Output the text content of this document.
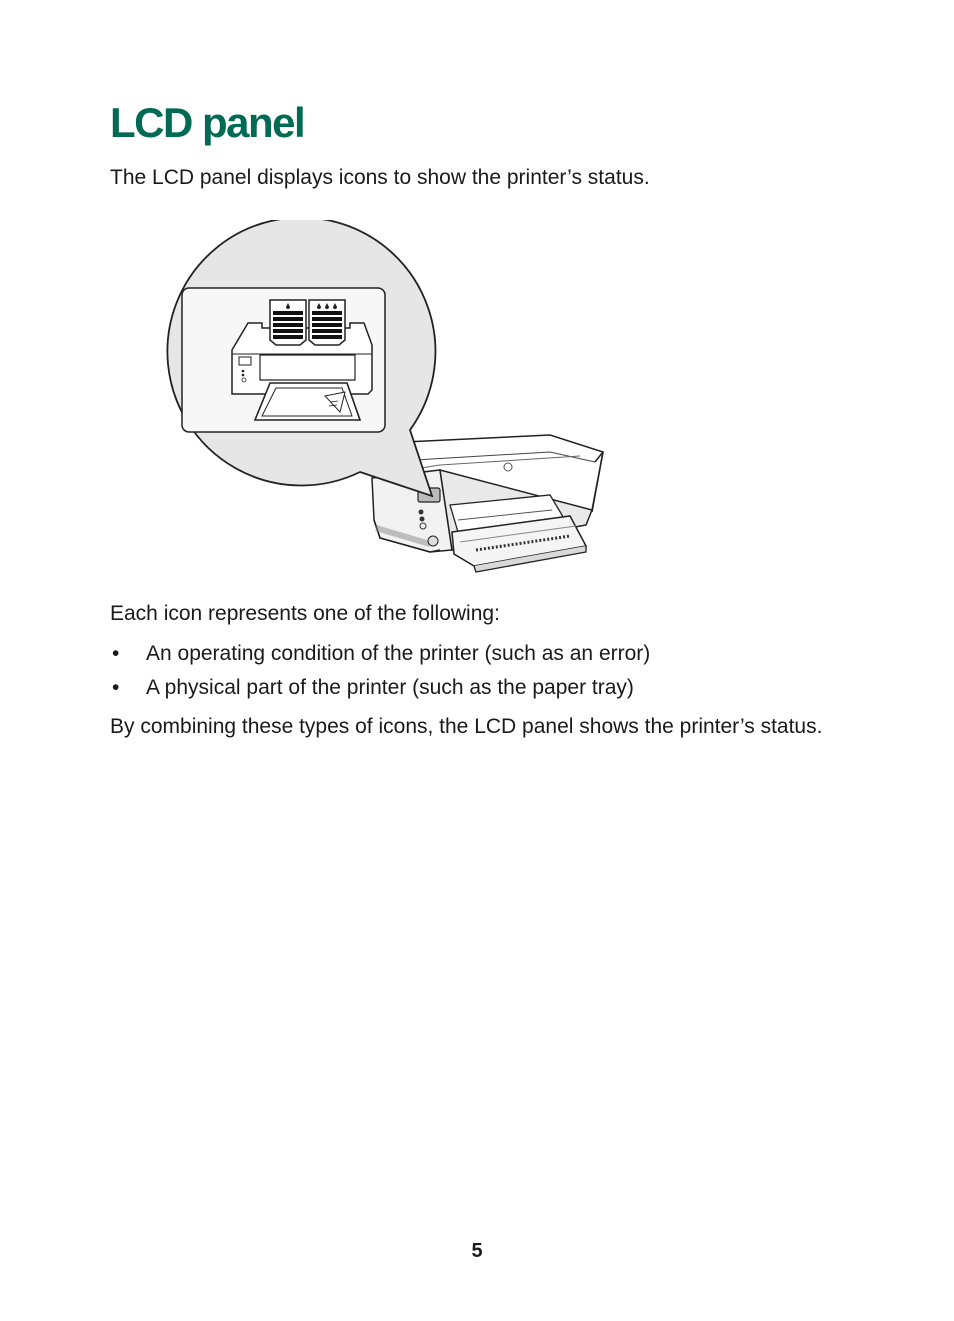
LCD panel

The LCD panel displays icons to show the printer’s status.

Each icon represents one of the following:

• An operating condition of the printer (such as an error)
• A physical part of the printer (such as the paper tray)

By combining these types of icons, the LCD panel shows the printer’s status.

5
